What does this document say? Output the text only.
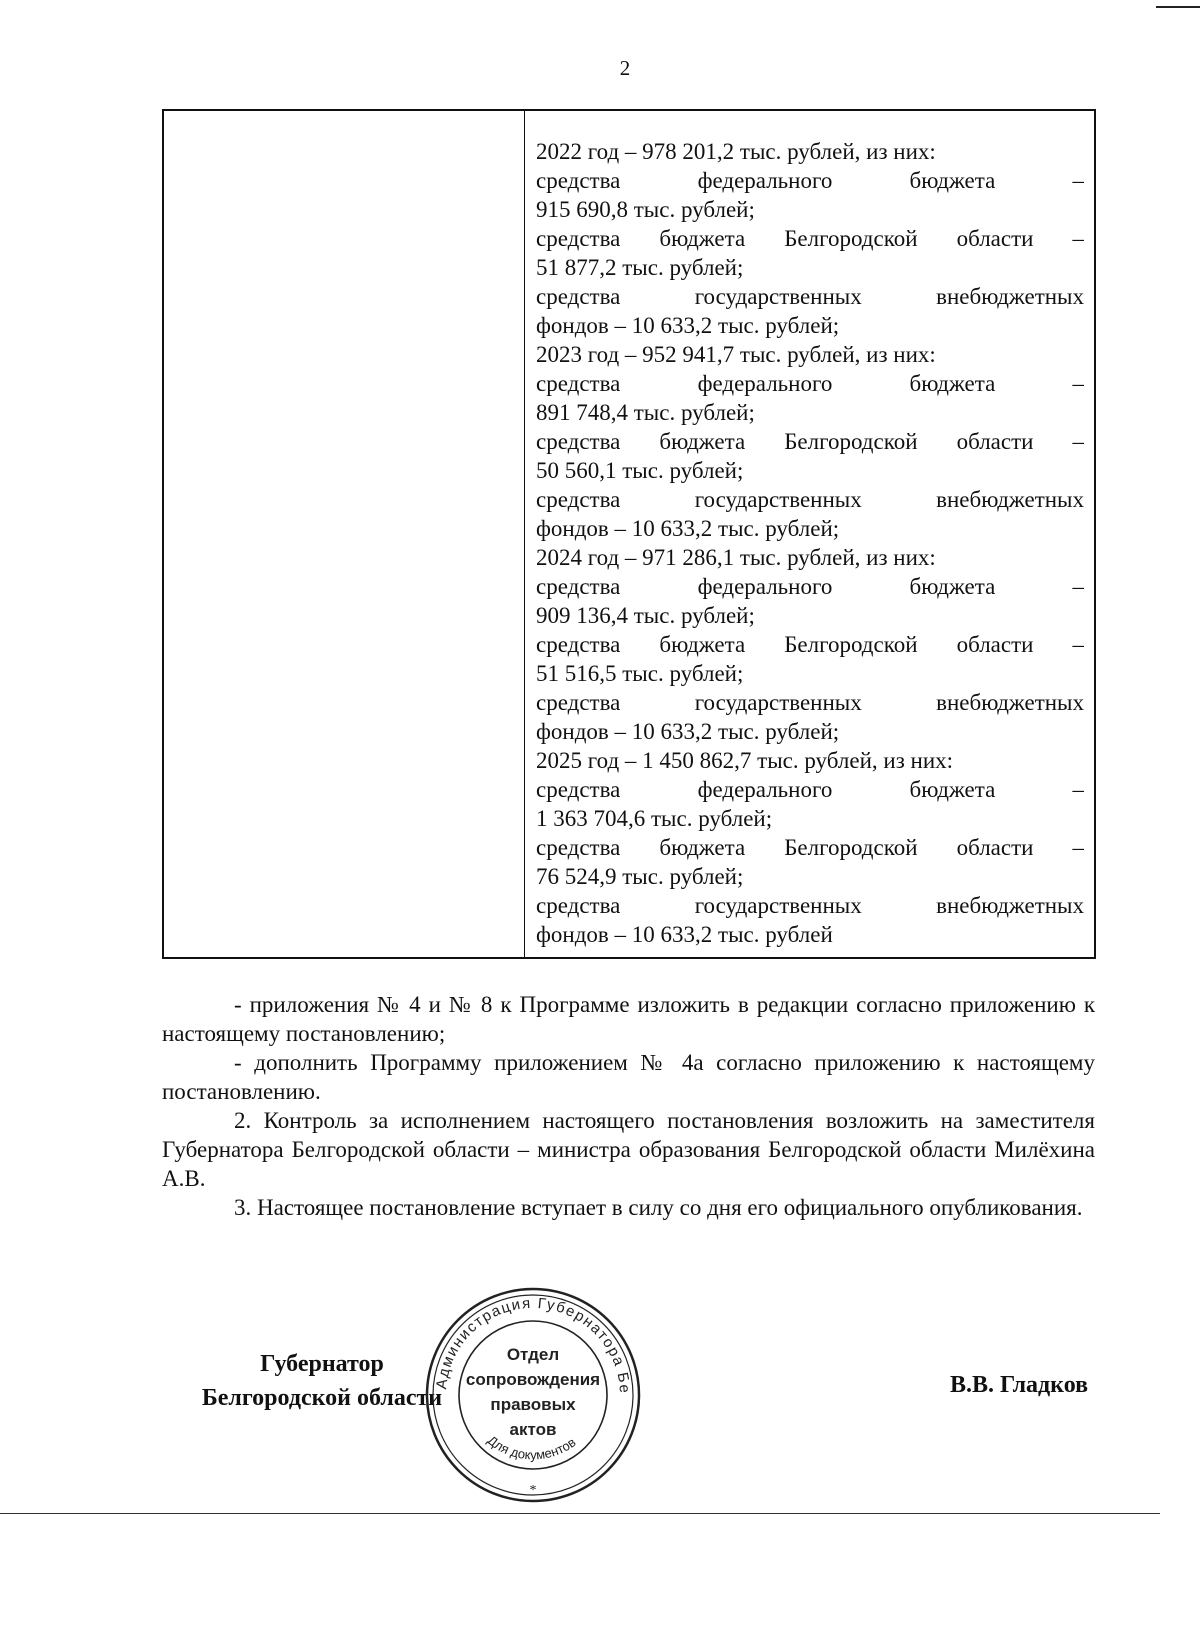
2
2022 год – 978 201,2 тыс. рублей, из них:
средства	федерального	бюджета	–
915 690,8 тыс. рублей;
средства бюджета Белгородской области –
51 877,2 тыс. рублей;
средства	государственных	внебюджетных
фондов – 10 633,2 тыс. рублей;
2023 год – 952 941,7 тыс. рублей, из них:
средства	федерального	бюджета	–
891 748,4 тыс. рублей;
средства бюджета Белгородской области –
50 560,1 тыс. рублей;
средства	государственных	внебюджетных
фондов – 10 633,2 тыс. рублей;
2024 год – 971 286,1 тыс. рублей, из них:
средства	федерального	бюджета	–
909 136,4 тыс. рублей;
средства бюджета Белгородской области –
51 516,5 тыс. рублей;
средства	государственных	внебюджетных
фондов – 10 633,2 тыс. рублей;
2025 год – 1 450 862,7 тыс. рублей, из них:
средства	федерального	бюджета	–
1 363 704,6 тыс. рублей;
средства бюджета Белгородской области –
76 524,9 тыс. рублей;
средства	государственных	внебюджетных
фондов – 10 633,2 тыс. рублей

- приложения № 4 и № 8 к Программе изложить в редакции согласно приложению к настоящему постановлению;

- дополнить Программу приложением № 4а согласно приложению к настоящему постановлению.

2. Контроль за исполнением настоящего постановления возложить на заместителя Губернатора Белгородской области – министра образования Белгородской области Милёхина А.В.

3. Настоящее постановление вступает в силу со дня его официального опубликования.

Губернатор
Белгородской области
Администрация Губернатора Бе
Для документов
*
Отдел
сопровождения
правовых
актов
В.В. Гладков
